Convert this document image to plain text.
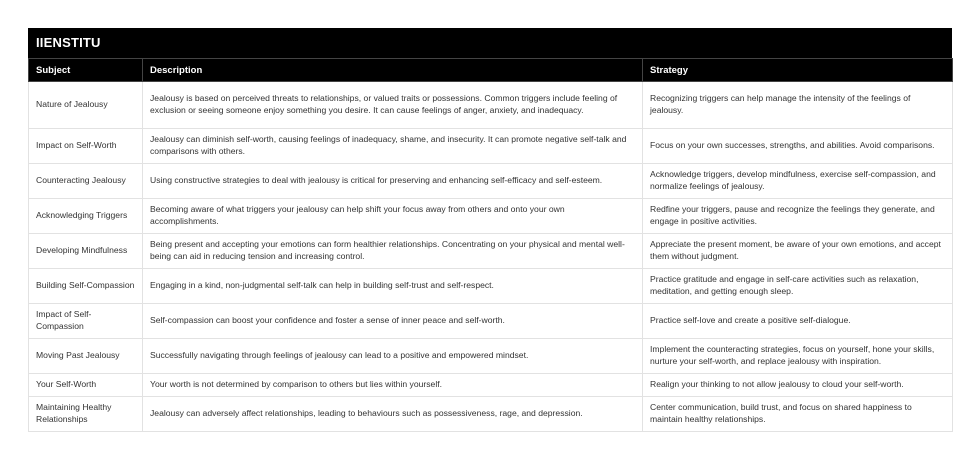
IIENSTITU
Subject	Description	Strategy
Nature of Jealousy	Jealousy is based on perceived threats to relationships, or valued traits or possessions. Common triggers include feeling of exclusion or seeing someone enjoy something you desire. It can cause feelings of anger, anxiety, and inadequacy.	Recognizing triggers can help manage the intensity of the feelings of jealousy.
Impact on Self-Worth	Jealousy can diminish self-worth, causing feelings of inadequacy, shame, and insecurity. It can promote negative self-talk and comparisons with others.	Focus on your own successes, strengths, and abilities. Avoid comparisons.
Counteracting Jealousy	Using constructive strategies to deal with jealousy is critical for preserving and enhancing self-efficacy and self-esteem.	Acknowledge triggers, develop mindfulness, exercise self-compassion, and normalize feelings of jealousy.
Acknowledging Triggers	Becoming aware of what triggers your jealousy can help shift your focus away from others and onto your own accomplishments.	Redfine your triggers, pause and recognize the feelings they generate, and engage in positive activities.
Developing Mindfulness	Being present and accepting your emotions can form healthier relationships. Concentrating on your physical and mental well-being can aid in reducing tension and increasing control.	Appreciate the present moment, be aware of your own emotions, and accept them without judgment.
Building Self-Compassion	Engaging in a kind, non-judgmental self-talk can help in building self-trust and self-respect.	Practice gratitude and engage in self-care activities such as relaxation, meditation, and getting enough sleep.
Impact of Self-Compassion	Self-compassion can boost your confidence and foster a sense of inner peace and self-worth.	Practice self-love and create a positive self-dialogue.
Moving Past Jealousy	Successfully navigating through feelings of jealousy can lead to a positive and empowered mindset.	Implement the counteracting strategies, focus on yourself, hone your skills, nurture your self-worth, and replace jealousy with inspiration.
Your Self-Worth	Your worth is not determined by comparison to others but lies within yourself.	Realign your thinking to not allow jealousy to cloud your self-worth.
Maintaining Healthy Relationships	Jealousy can adversely affect relationships, leading to behaviours such as possessiveness, rage, and depression.	Center communication, build trust, and focus on shared happiness to maintain healthy relationships.
